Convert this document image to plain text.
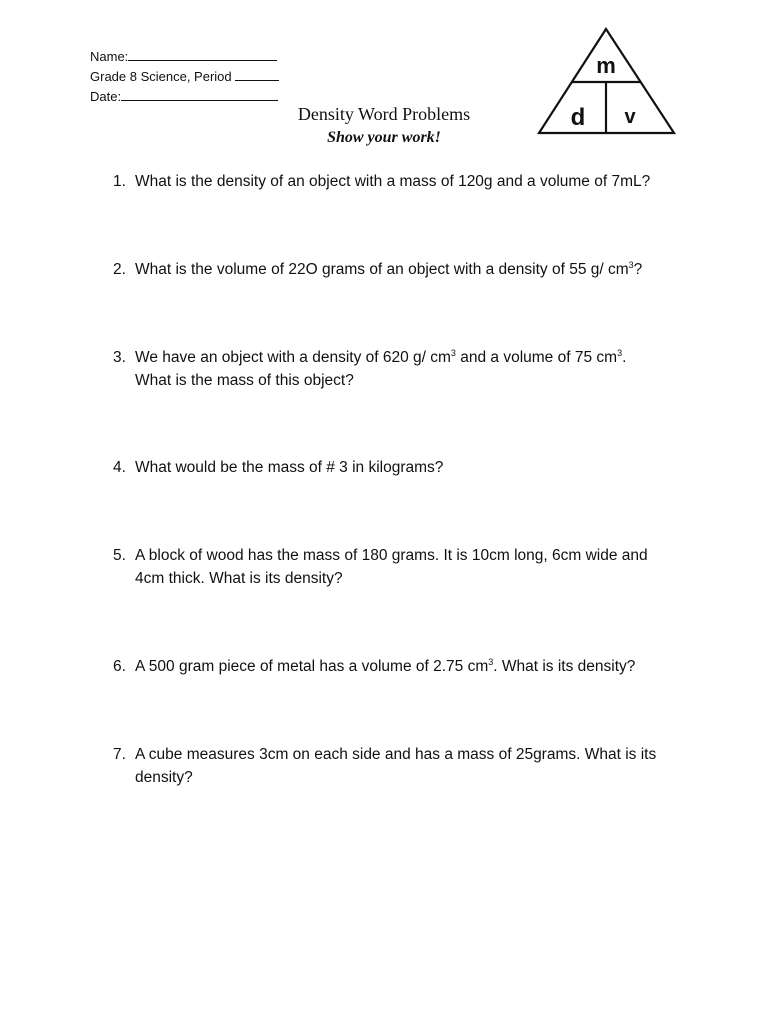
Name:
Grade 8 Science, Period
Date:
m
d v
Density Word Problems
Show your work!
1. What is the density of an object with a mass of 120g and a volume of 7mL?
2. What is the volume of 22O grams of an object with a density of 55 g/ $cm^3$?
3. We have an object with a density of 620 g/ $cm^3$ and a volume of 75 $cm^3$.
What is the mass of this object?
4. What would be the mass of # 3 in kilograms?
5. A block of wood has the mass of 180 grams. It is 10cm long, 6cm wide and
4cm thick. What is its density?
6. A 500 gram piece of metal has a volume of 2.75 $cm^3$. What is its density?
7. A cube measures 3cm on each side and has a mass of 25grams. What is its
density?
